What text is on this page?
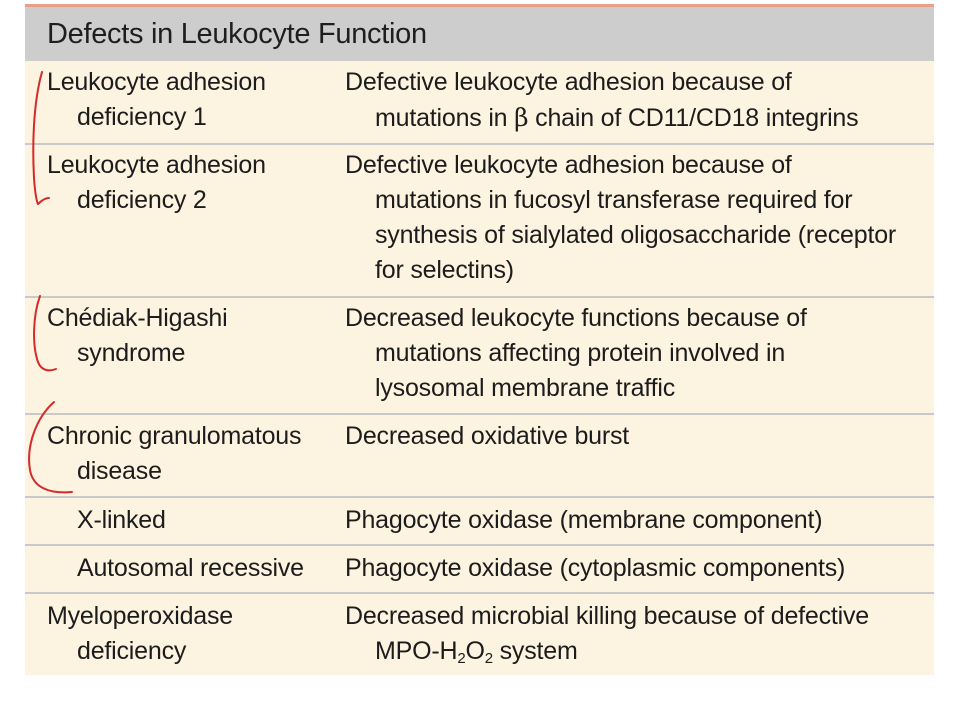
Defects in Leukocyte Function
Leukocyte adhesion
deficiency 1
Defective leukocyte adhesion because of
mutations in β chain of CD11/CD18 integrins
Leukocyte adhesion
deficiency 2
Defective leukocyte adhesion because of
mutations in fucosyl transferase required for
synthesis of sialylated oligosaccharide (receptor
for selectins)
Chédiak-Higashi
syndrome
Decreased leukocyte functions because of
mutations affecting protein involved in
lysosomal membrane traffic
Chronic granulomatous
disease
Decreased oxidative burst
X-linked	Phagocyte oxidase (membrane component)
Autosomal recessive	Phagocyte oxidase (cytoplasmic components)
Myeloperoxidase
deficiency
Decreased microbial killing because of defective
MPO-$H_2O_2$ system
